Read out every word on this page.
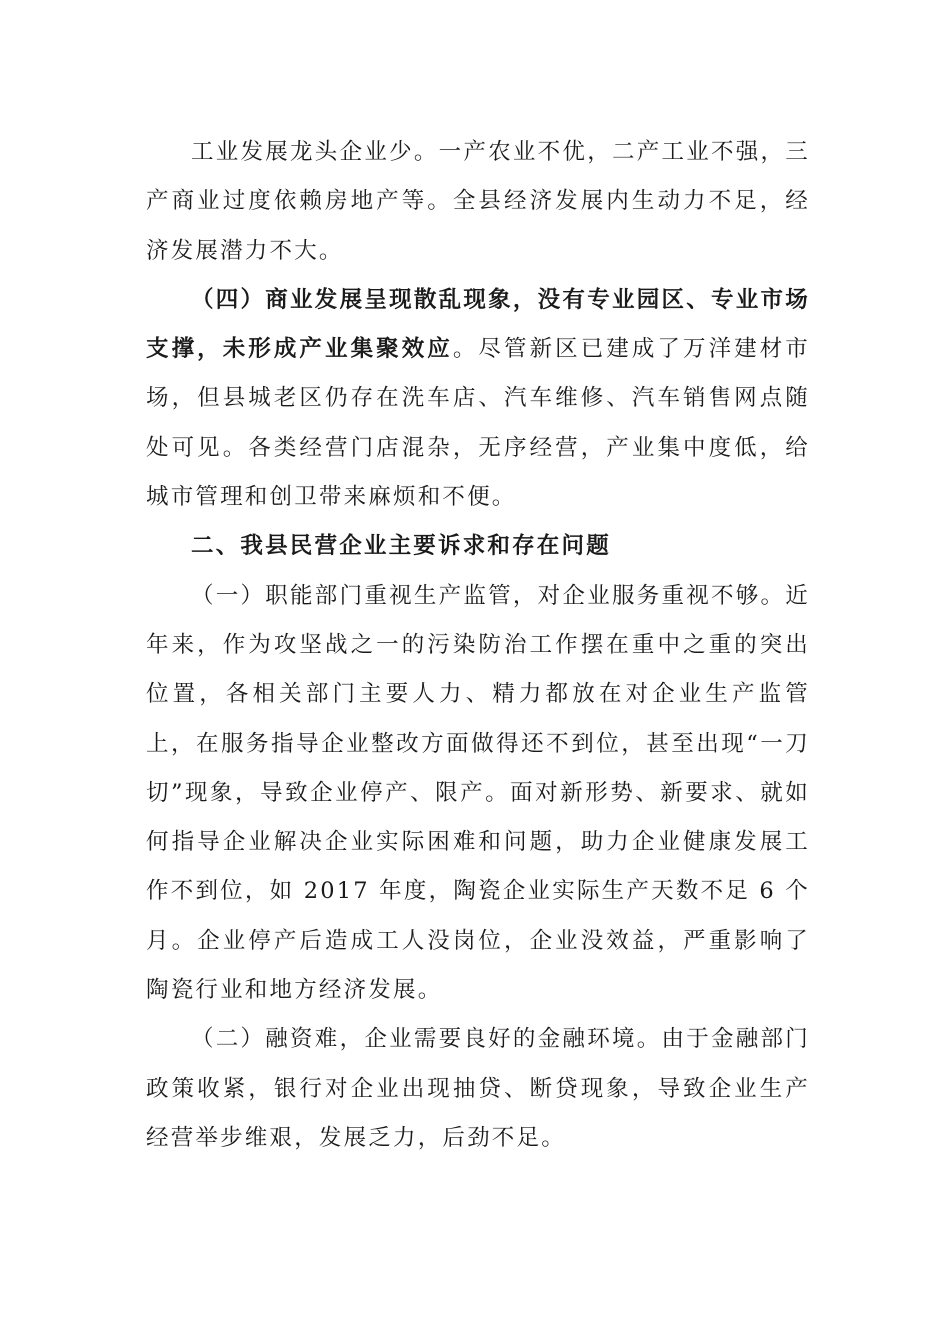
工业发展龙头企业少。一产农业不优，二产工业不强，三产商业过度依赖房地产等。全县经济发展内生动力不足，经济发展潜力不大。

（四）商业发展呈现散乱现象，没有专业园区、专业市场支撑，未形成产业集聚效应。尽管新区已建成了万洋建材市场，但县城老区仍存在洗车店、汽车维修、汽车销售网点随处可见。各类经营门店混杂，无序经营，产业集中度低，给城市管理和创卫带来麻烦和不便。

二、我县民营企业主要诉求和存在问题

（一）职能部门重视生产监管，对企业服务重视不够。近年来，作为攻坚战之一的污染防治工作摆在重中之重的突出位置，各相关部门主要人力、精力都放在对企业生产监管上，在服务指导企业整改方面做得还不到位，甚至出现“一刀切”现象，导致企业停产、限产。面对新形势、新要求、就如何指导企业解决企业实际困难和问题，助力企业健康发展工作不到位，如 2017 年度，陶瓷企业实际生产天数不足 6 个月。企业停产后造成工人没岗位，企业没效益，严重影响了陶瓷行业和地方经济发展。

（二）融资难，企业需要良好的金融环境。由于金融部门政策收紧，银行对企业出现抽贷、断贷现象，导致企业生产经营举步维艰，发展乏力，后劲不足。
